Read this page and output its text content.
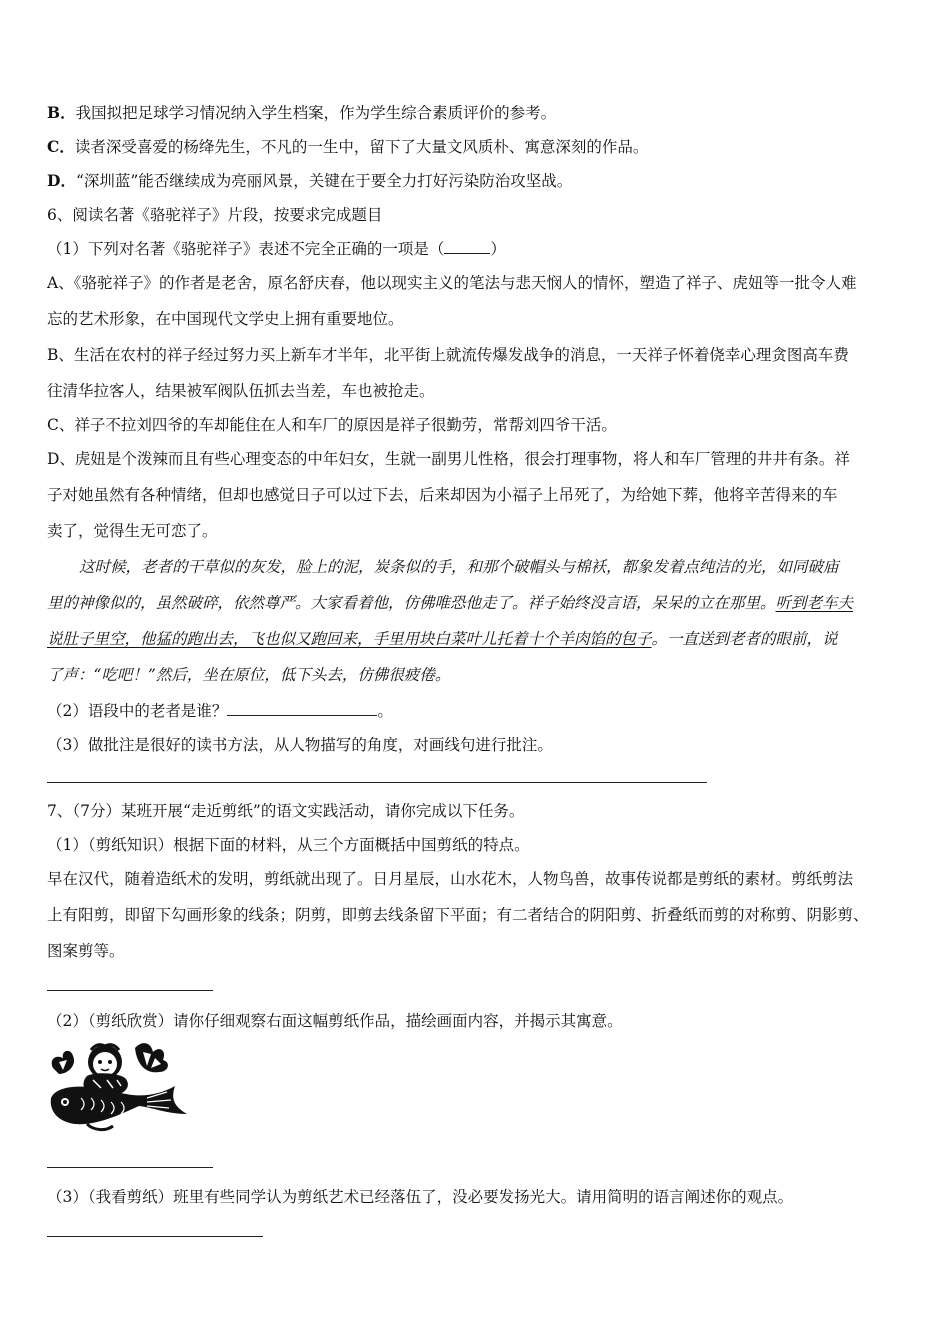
B．我国拟把足球学习情况纳入学生档案，作为学生综合素质评价的参考。
C．读者深受喜爱的杨绛先生，不凡的一生中，留下了大量文风质朴、寓意深刻的作品。
D．“深圳蓝”能否继续成为亮丽风景，关键在于要全力打好污染防治攻坚战。
6、阅读名著《骆驼祥子》片段，按要求完成题目
（1）下列对名著《骆驼祥子》表述不完全正确的一项是（	）
A、《骆驼祥子》的作者是老舍，原名舒庆春，他以现实主义的笔法与悲天悯人的情怀，塑造了祥子、虎妞等一批令人难
忘的艺术形象，在中国现代文学史上拥有重要地位。
B、生活在农村的祥子经过努力买上新车才半年，北平街上就流传爆发战争的消息，一天祥子怀着侥幸心理贪图高车费
往清华拉客人，结果被军阀队伍抓去当差，车也被抢走。
C、祥子不拉刘四爷的车却能住在人和车厂的原因是祥子很勤劳，常帮刘四爷干活。
D、虎妞是个泼辣而且有些心理变态的中年妇女，生就一副男儿性格，很会打理事物，将人和车厂管理的井井有条。祥
子对她虽然有各种情绪，但却也感觉日子可以过下去，后来却因为小福子上吊死了，为给她下葬，他将辛苦得来的车
卖了，觉得生无可恋了。
这时候，老者的干草似的灰发，脸上的泥，炭条似的手，和那个破帽头与棉袄，都象发着点纯洁的光，如同破庙
里的神像似的，虽然破碎，依然尊严。大家看着他，仿佛唯恐他走了。祥子始终没言语，呆呆的立在那里。听到老车夫
说肚子里空，他猛的跑出去，飞也似又跑回来，手里用块白菜叶儿托着十个羊肉馅的包子。一直送到老者的眼前，说
了声：“吃吧！”然后，坐在原位，低下头去，仿佛很疲倦。
（2）语段中的老者是谁？	。
（3）做批注是很好的读书方法，从人物描写的角度，对画线句进行批注。
7、（7分）某班开展“走近剪纸”的语文实践活动，请你完成以下任务。
（1）（剪纸知识）根据下面的材料，从三个方面概括中国剪纸的特点。
早在汉代，随着造纸术的发明，剪纸就出现了。日月星辰，山水花木，人物鸟兽，故事传说都是剪纸的素材。剪纸剪法
上有阳剪，即留下勾画形象的线条；阴剪，即剪去线条留下平面；有二者结合的阴阳剪、折叠纸而剪的对称剪、阴影剪、
图案剪等。
（2）（剪纸欣赏）请你仔细观察右面这幅剪纸作品，描绘画面内容，并揭示其寓意。
（3）（我看剪纸）班里有些同学认为剪纸艺术已经落伍了，没必要发扬光大。请用简明的语言阐述你的观点。
